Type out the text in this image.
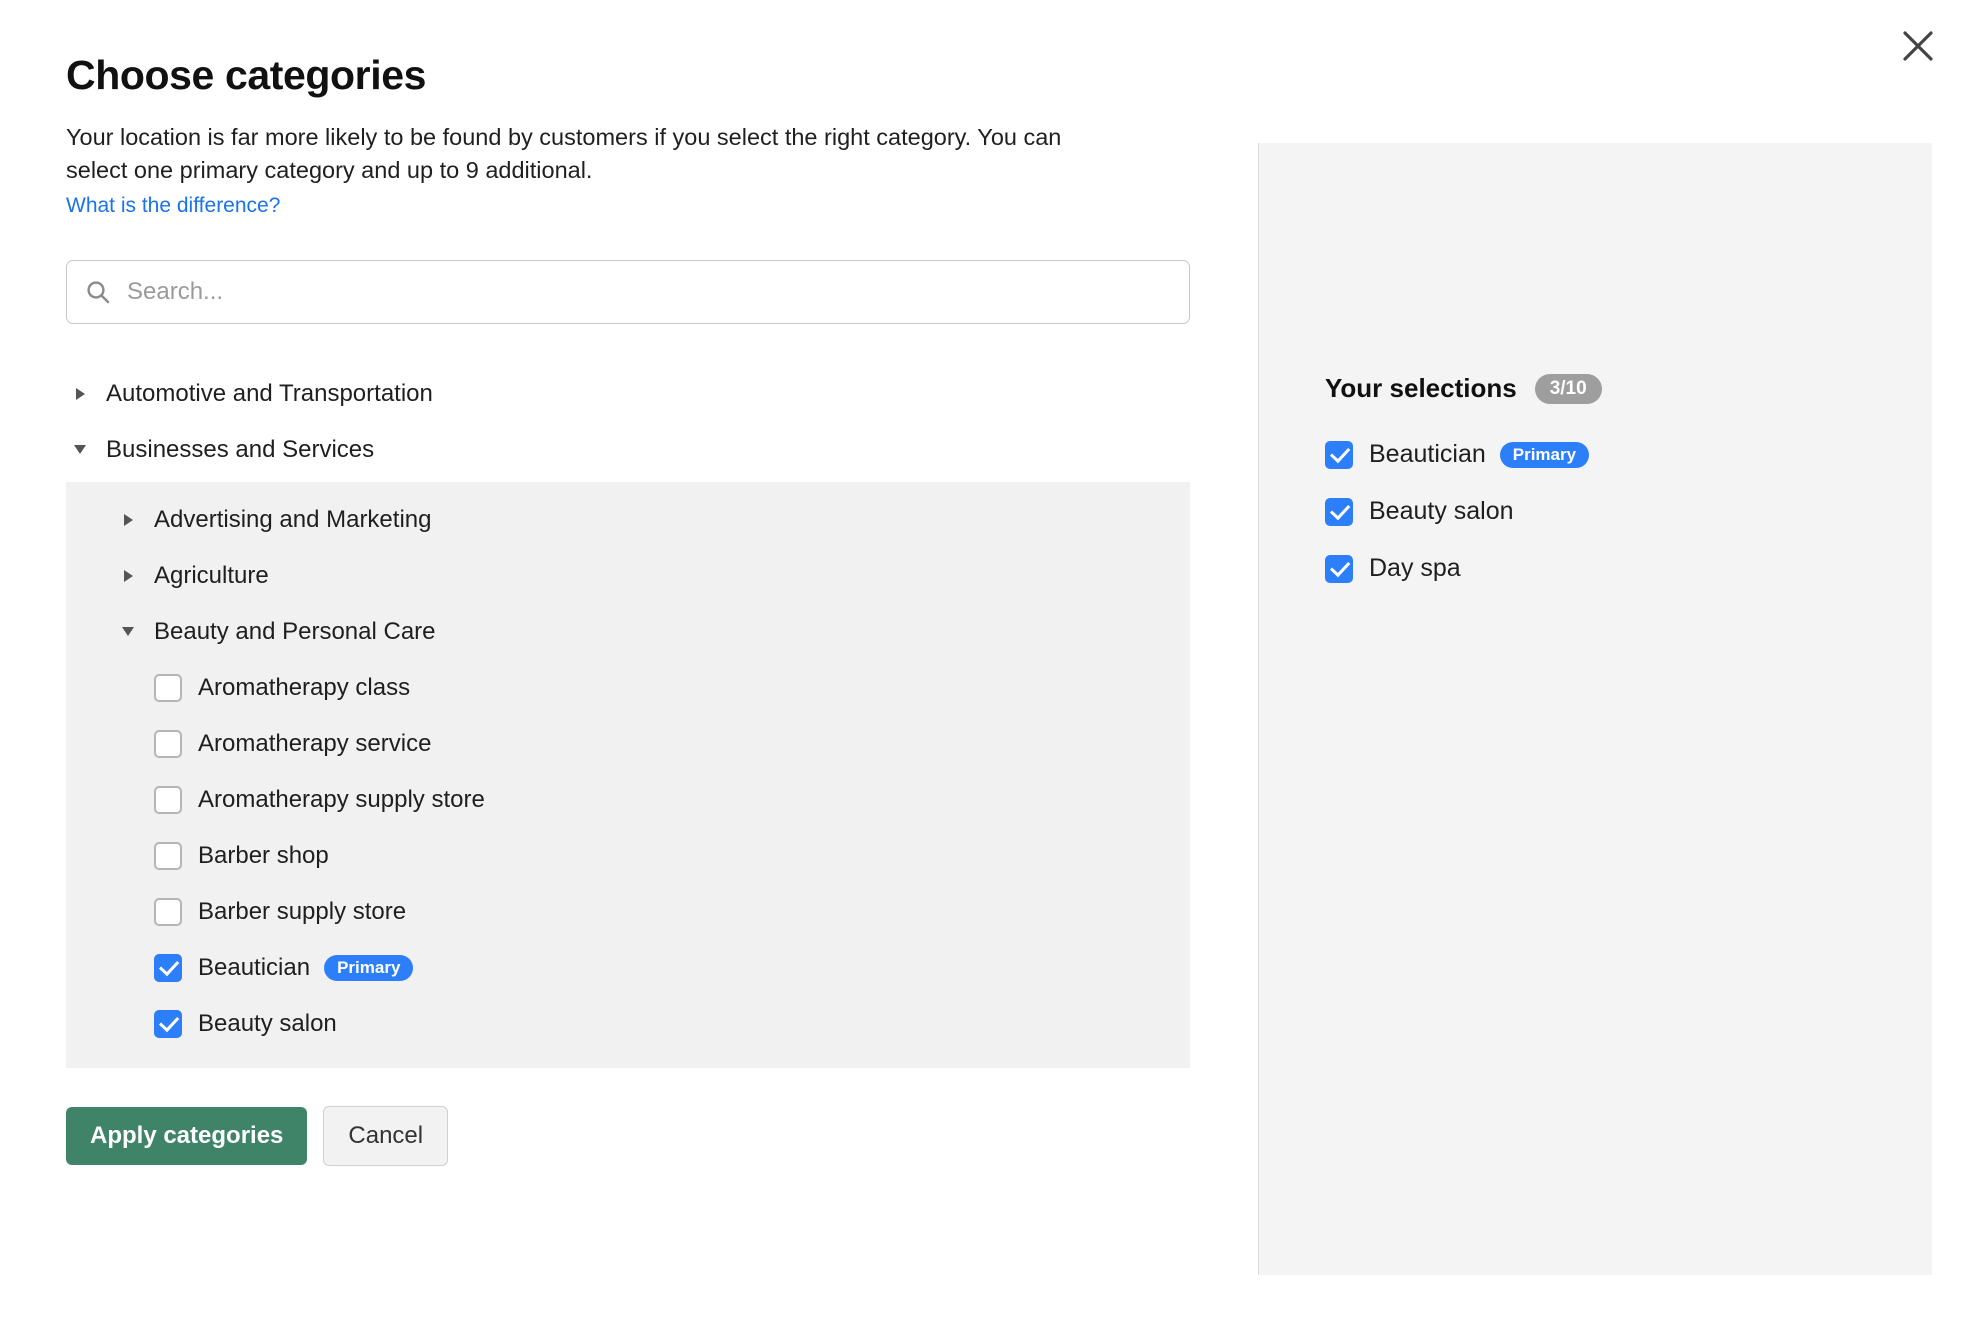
Choose categories

Your location is far more likely to be found by customers if you select the right category. You can select one primary category and up to 9 additional.

What is the difference?
Search...
Automotive and Transportation
Businesses and Services
Advertising and Marketing
Agriculture
Beauty and Personal Care
Aromatherapy class
Aromatherapy service
Aromatherapy supply store
Barber shop
Barber supply store
Beautician	Primary
Beauty salon
Apply categories	Cancel
Your selections	3/10
Beautician	Primary
Beauty salon
Day spa
